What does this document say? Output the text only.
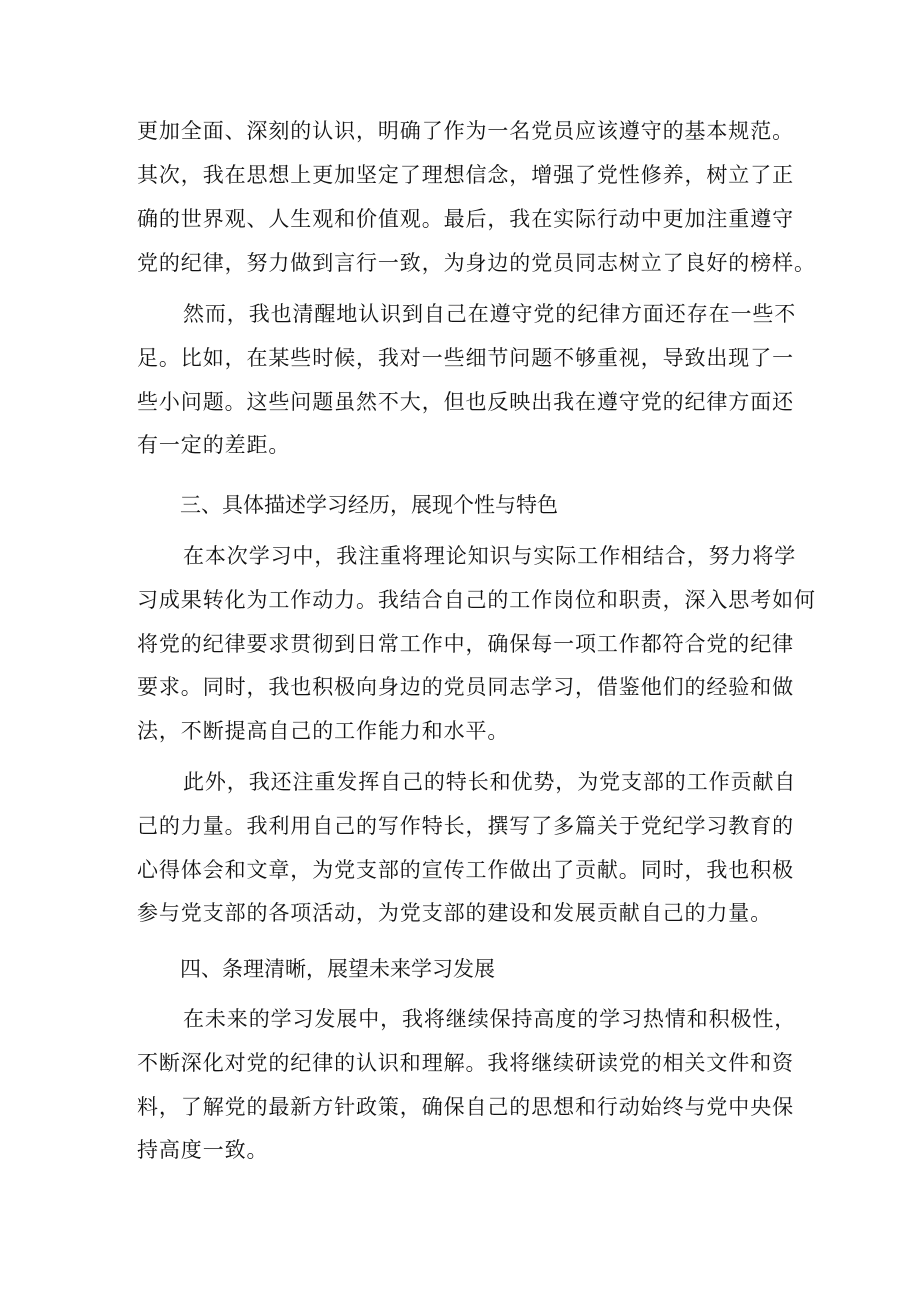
更加全面、深刻的认识，明确了作为一名党员应该遵守的基本规范。
其次，我在思想上更加坚定了理想信念，增强了党性修养，树立了正
确的世界观、人生观和价值观。最后，我在实际行动中更加注重遵守
党的纪律，努力做到言行一致，为身边的党员同志树立了良好的榜样。
然而，我也清醒地认识到自己在遵守党的纪律方面还存在一些不
足。比如，在某些时候，我对一些细节问题不够重视，导致出现了一
些小问题。这些问题虽然不大，但也反映出我在遵守党的纪律方面还
有一定的差距。
三、具体描述学习经历，展现个性与特色
在本次学习中，我注重将理论知识与实际工作相结合，努力将学
习成果转化为工作动力。我结合自己的工作岗位和职责，深入思考如何
将党的纪律要求贯彻到日常工作中，确保每一项工作都符合党的纪律
要求。同时，我也积极向身边的党员同志学习，借鉴他们的经验和做
法，不断提高自己的工作能力和水平。
此外，我还注重发挥自己的特长和优势，为党支部的工作贡献自
己的力量。我利用自己的写作特长，撰写了多篇关于党纪学习教育的
心得体会和文章，为党支部的宣传工作做出了贡献。同时，我也积极
参与党支部的各项活动，为党支部的建设和发展贡献自己的力量。
四、条理清晰，展望未来学习发展
在未来的学习发展中，我将继续保持高度的学习热情和积极性，
不断深化对党的纪律的认识和理解。我将继续研读党的相关文件和资
料，了解党的最新方针政策，确保自己的思想和行动始终与党中央保
持高度一致。
